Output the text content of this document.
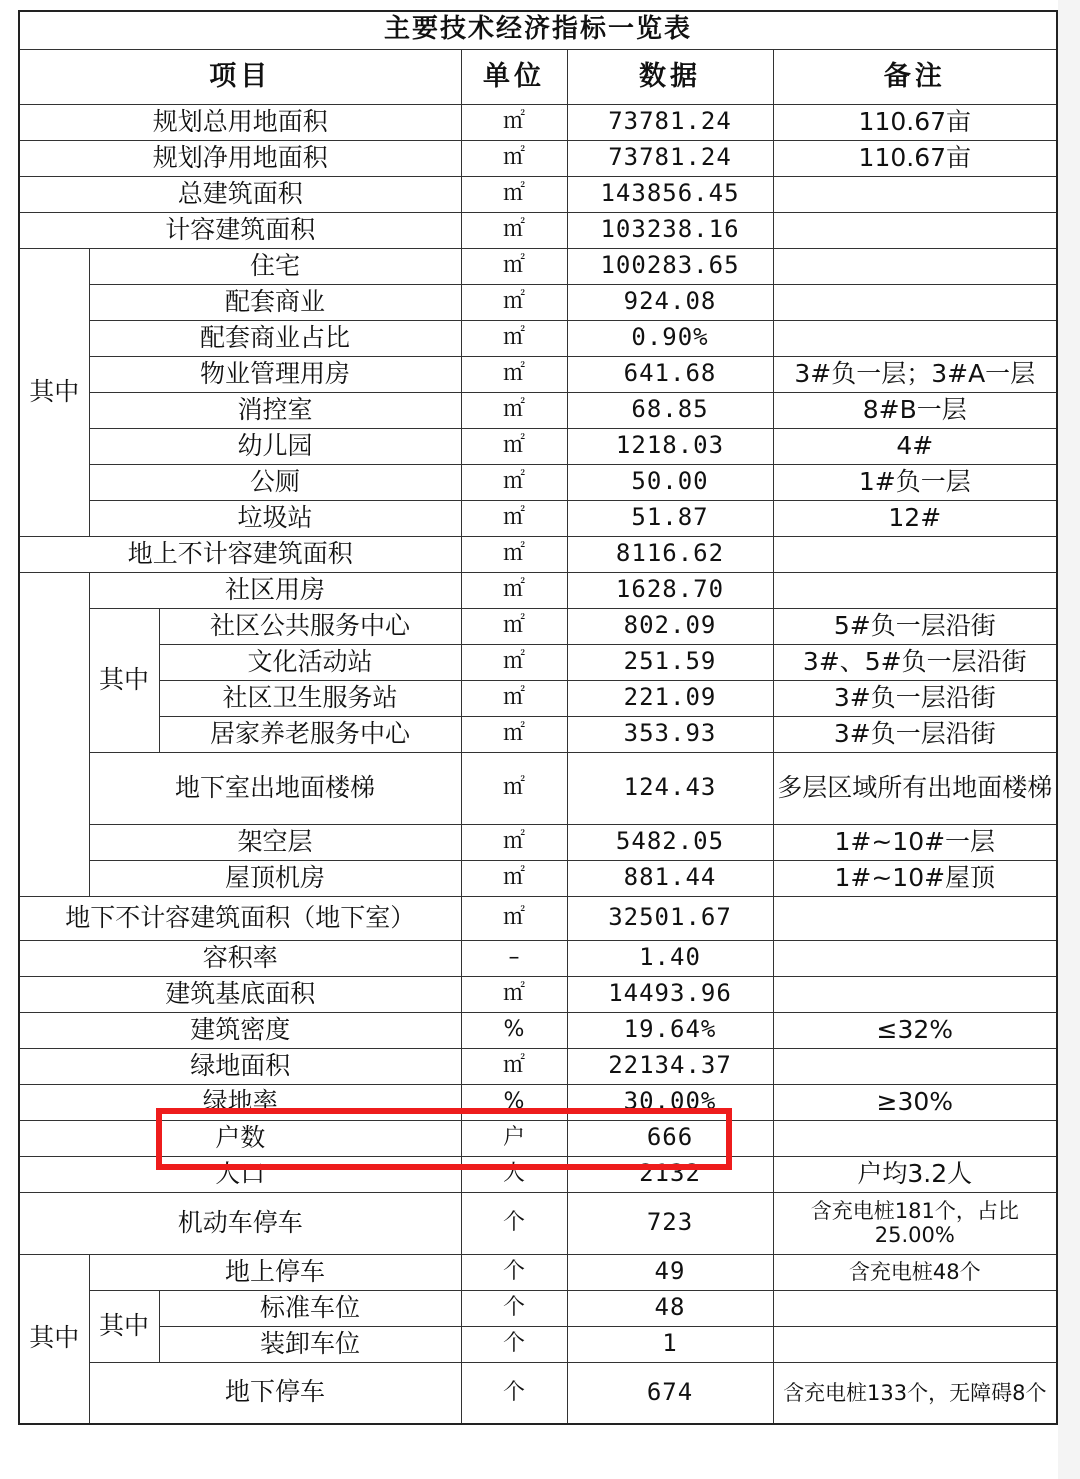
主要技术经济指标一览表					
项目			单位	数据	备注
规划总用地面积			㎡	73781.24	110.67亩
规划净用地面积			㎡	73781.24	110.67亩
总建筑面积			㎡	143856.45	
计容建筑面积			㎡	103238.16	
其中	住宅		㎡	100283.65	
	配套商业		㎡	924.08	
	配套商业占比		㎡	0.90%	
	物业管理用房		㎡	641.68	3#负一层；3#A一层
	消控室		㎡	68.85	8#B一层
	幼儿园		㎡	1218.03	4#
	公厕		㎡	50.00	1#负一层
	垃圾站		㎡	51.87	12#
地上不计容建筑面积			㎡	8116.62	
	社区用房		㎡	1628.70	
	其中	社区公共服务中心	㎡	802.09	5#负一层沿街
		文化活动站	㎡	251.59	3#、5#负一层沿街
		社区卫生服务站	㎡	221.09	3#负一层沿街
		居家养老服务中心	㎡	353.93	3#负一层沿街
	地下室出地面楼梯		㎡	124.43	多层区域所有出地面楼梯
	架空层		㎡	5482.05	1#~10#一层
	屋顶机房		㎡	881.44	1#~10#屋顶
地下不计容建筑面积（地下室）			㎡	32501.67	
容积率			–	1.40	
建筑基底面积			㎡	14493.96	
建筑密度			%	19.64%	≤32%
绿地面积			㎡	22134.37	
绿地率			%	30.00%	≥30%
户数			户	666	
人口			人	2132	户均3.2人
机动车停车			个	723	含充电桩181个，占比25.00%
其中	地上停车		个	49	含充电桩48个
	其中	标准车位	个	48	
		装卸车位	个	1	
	地下停车		个	674	含充电桩133个，无障碍8个
